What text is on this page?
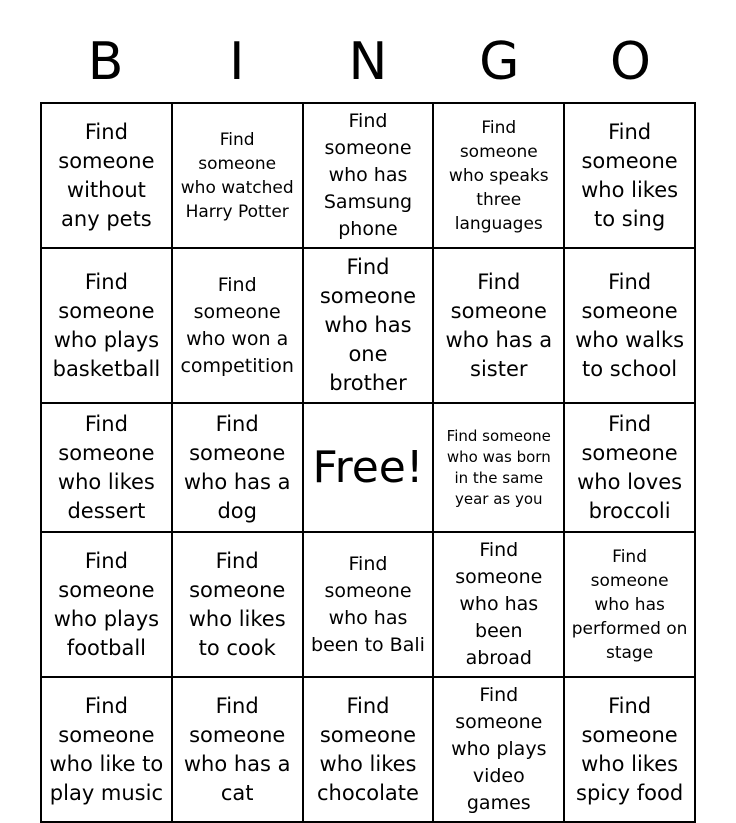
B	I	N	G	O
Find someone without any pets	Find someone who watched Harry Potter	Find someone who has Samsung phone	Find someone who speaks three languages	Find someone who likes to sing
Find someone who plays basketball	Find someone who won a competition	Find someone who has one brother	Find someone who has a sister	Find someone who walks to school
Find someone who likes dessert	Find someone who has a dog	Free!	Find someone who was born in the same year as you	Find someone who loves broccoli
Find someone who plays football	Find someone who likes to cook	Find someone who has been to Bali	Find someone who has been abroad	Find someone who has performed on stage
Find someone who like to play music	Find someone who has a cat	Find someone who likes chocolate	Find someone who plays video games	Find someone who likes spicy food
